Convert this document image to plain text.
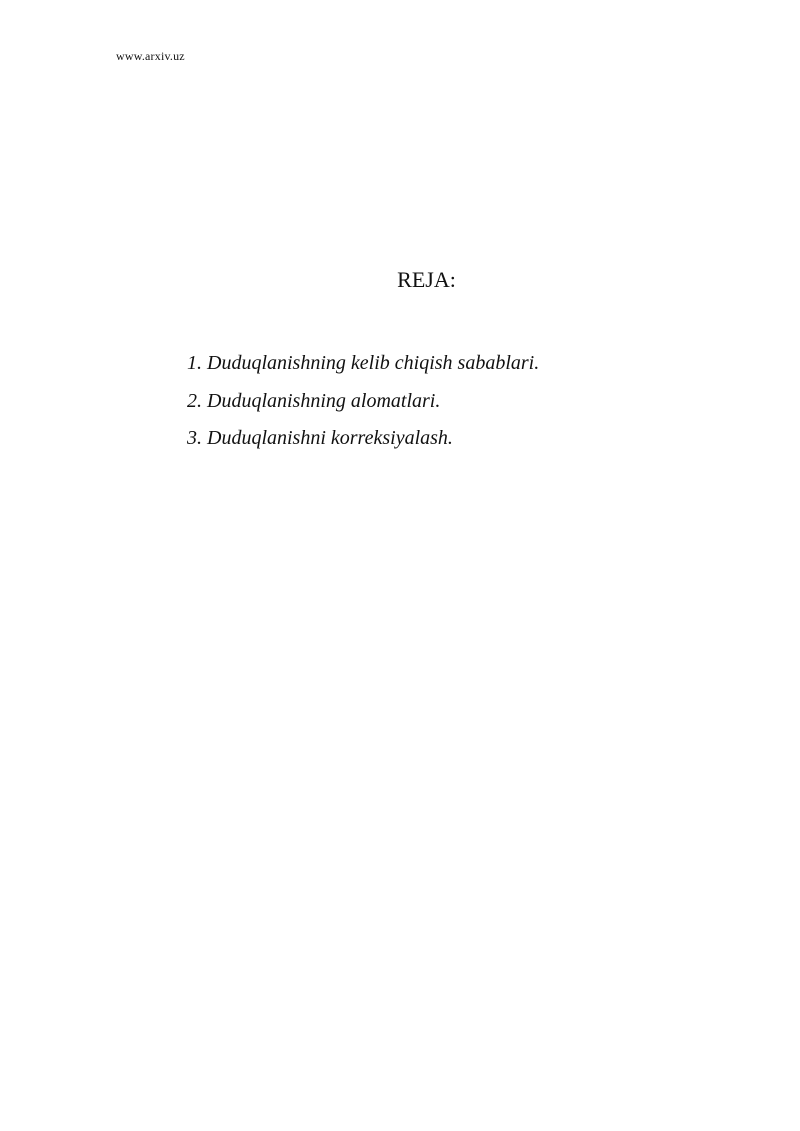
www.arxiv.uz
REJA:
1. Duduqlanishning kelib chiqish sabablari.
2. Duduqlanishning alomatlari.
3. Duduqlanishni korreksiyalash.
